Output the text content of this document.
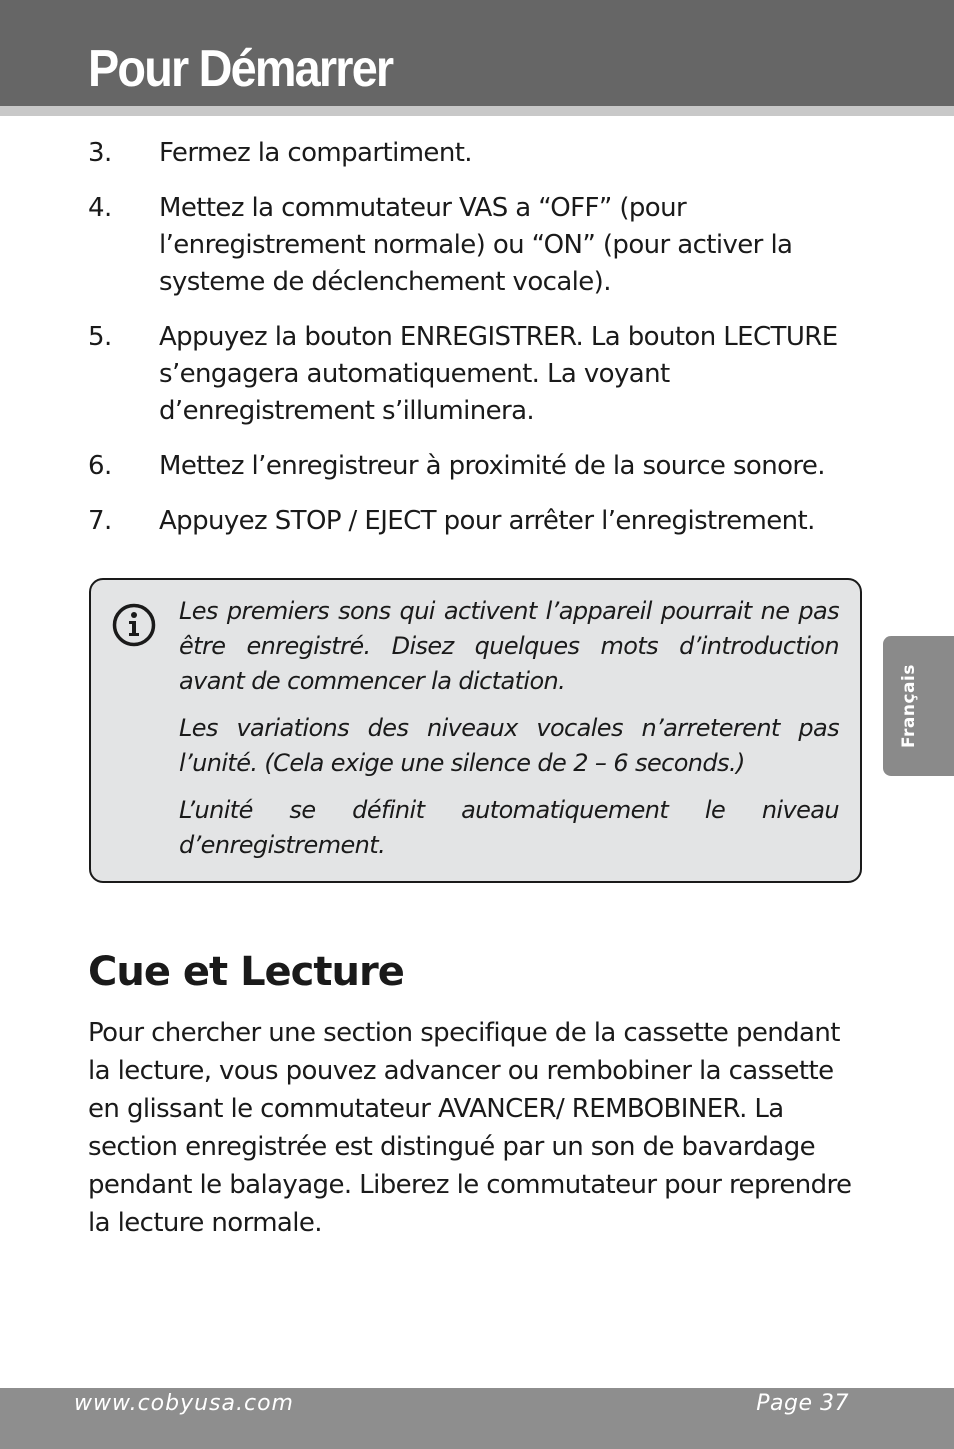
Pour Démarrer
3. Fermez la compartiment.
4. Mettez la commutateur VAS a “OFF” (pour l’enregistrement normale) ou “ON” (pour activer la systeme de déclenchement vocale).
5. Appuyez la bouton ENREGISTRER. La bouton LECTURE s’engagera automatiquement. La voyant d’enregistrement s’illuminera.
6. Mettez l’enregistreur à proximité de la source sonore.
7. Appuyez STOP / EJECT pour arrêter l’enregistrement.

Les premiers sons qui activent l’appareil pourrait ne pas être enregistré. Disez quelques mots d’introduction avant de commencer la dictation.

Les variations des niveaux vocales n’arreterent pas l’unité. (Cela exige une silence de 2 – 6 seconds.)

L’unité se définit automatiquement le niveau d’enregistrement.

Cue et Lecture

Pour chercher une section specifique de la cassette pendant la lecture, vous pouvez advancer ou rembobiner la cassette en glissant le commutateur AVANCER/ REMBOBINER. La section enregistrée est distingué par un son de bavardage pendant le balayage. Liberez le commutateur pour reprendre la lecture normale.

Français
www.cobyusa.com	Page 37
